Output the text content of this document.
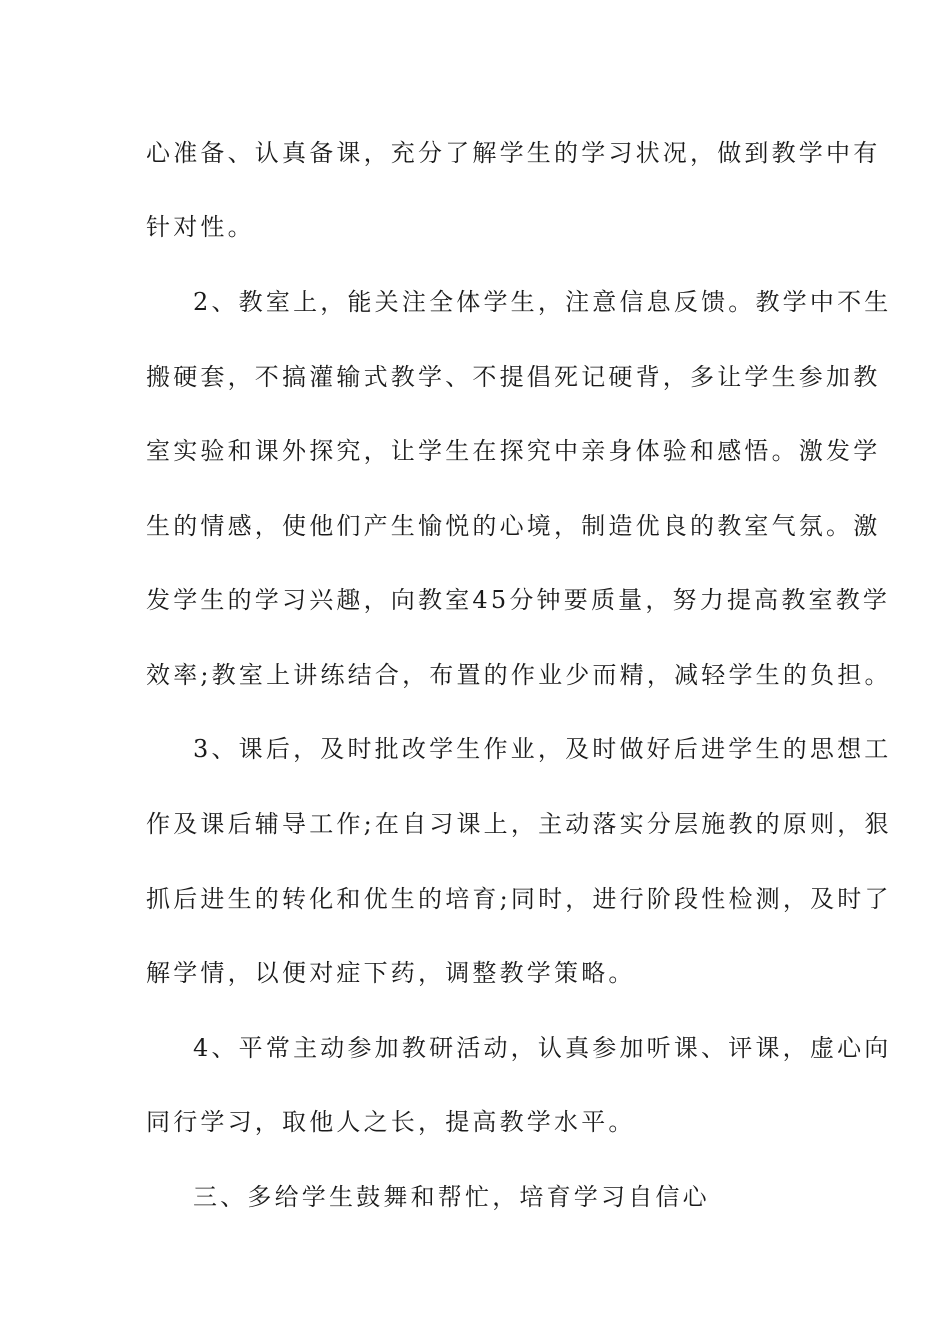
心准备、认真备课，充分了解学生的学习状况，做到教学中有
针对性。
2、教室上，能关注全体学生，注意信息反馈。教学中不生
搬硬套，不搞灌输式教学、不提倡死记硬背，多让学生参加教
室实验和课外探究，让学生在探究中亲身体验和感悟。激发学
生的情感，使他们产生愉悦的心境，制造优良的教室气氛。激
发学生的学习兴趣，向教室45分钟要质量，努力提高教室教学
效率;教室上讲练结合，布置的作业少而精，减轻学生的负担。
3、课后，及时批改学生作业，及时做好后进学生的思想工
作及课后辅导工作;在自习课上，主动落实分层施教的原则，狠
抓后进生的转化和优生的培育;同时，进行阶段性检测，及时了
解学情，以便对症下药，调整教学策略。
4、平常主动参加教研活动，认真参加听课、评课，虚心向
同行学习，取他人之长，提高教学水平。
三、多给学生鼓舞和帮忙，培育学习自信心
